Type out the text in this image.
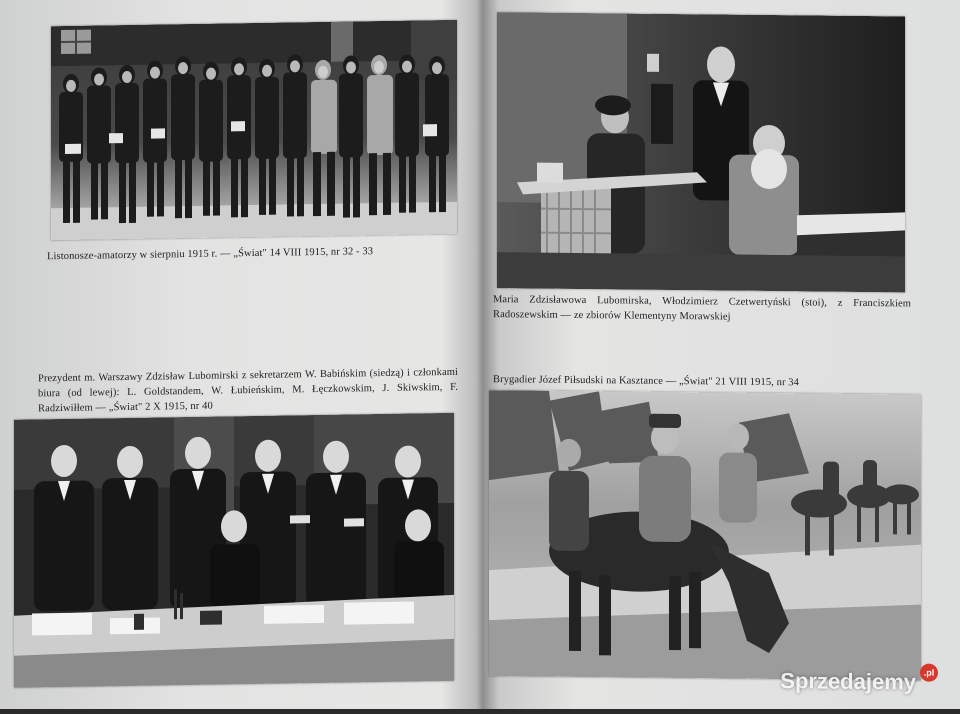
Listonosze-amatorzy w sierpniu 1915 r. — „Świat" 14 VIII 1915, nr 32 - 33

Prezydent m. Warszawy Zdzisław Lubomirski z sekretarzem W. Babińskim (siedzą) i członkami biura (od lewej): L. Goldstandem, W. Łubieńskim, M. Łęczkowskim, J. Skiwskim, F. Radziwiłłem — „Świat" 2 X 1915, nr 40

Maria Zdzisławowa Lubomirska, Włodzimierz Czetwertyński (stoi), z Franciszkiem Radoszewskim — ze zbiorów Klementyny Morawskiej

Brygadier Józef Piłsudski na Kasztance — „Świat" 21 VIII 1915, nr 34

Sprzedajemy .pl
